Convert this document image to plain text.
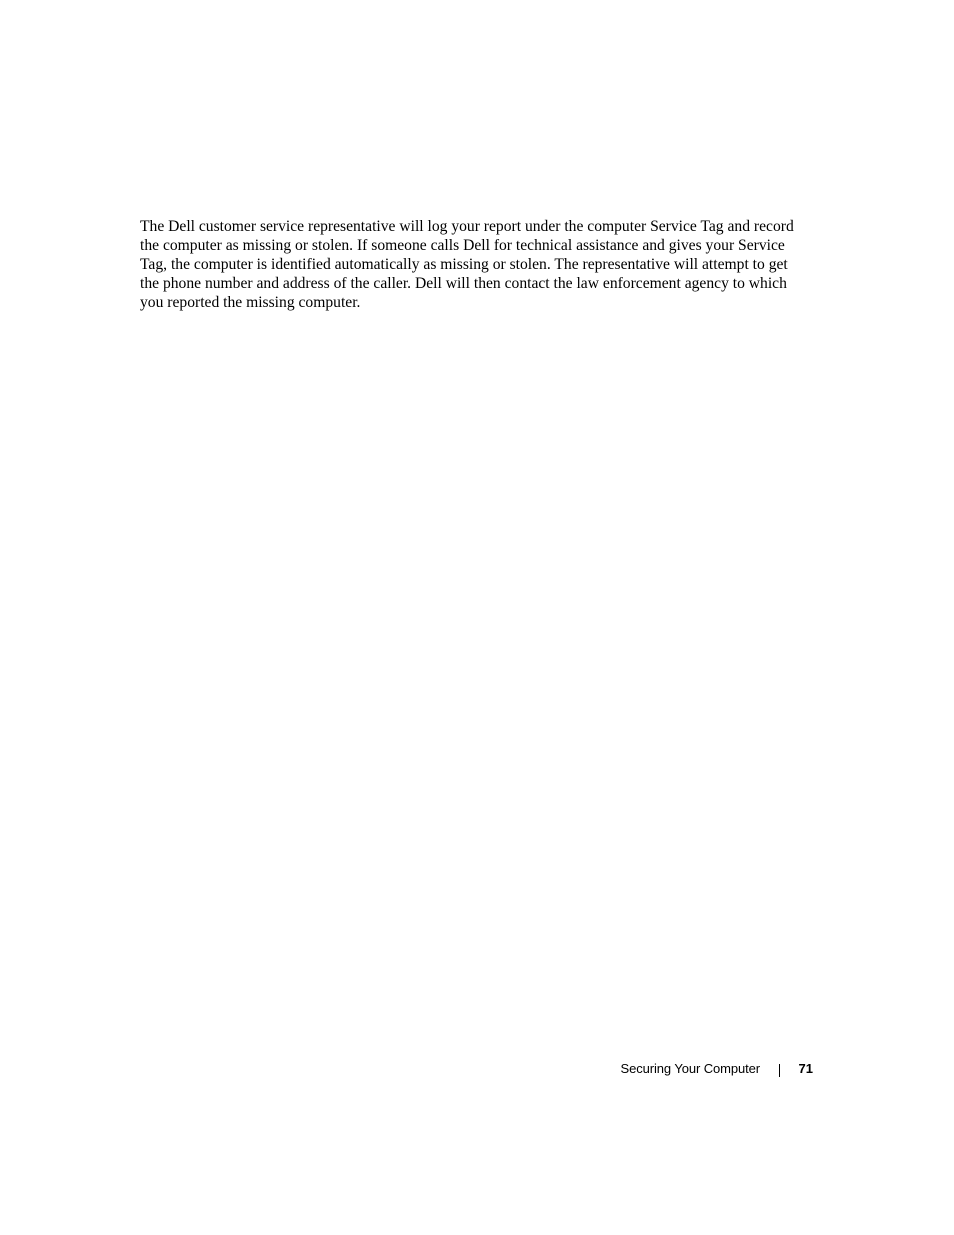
The Dell customer service representative will log your report under the computer Service Tag and record
the computer as missing or stolen. If someone calls Dell for technical assistance and gives your Service
Tag, the computer is identified automatically as missing or stolen. The representative will attempt to get
the phone number and address of the caller. Dell will then contact the law enforcement agency to which
you reported the missing computer.

Securing Your Computer	71
